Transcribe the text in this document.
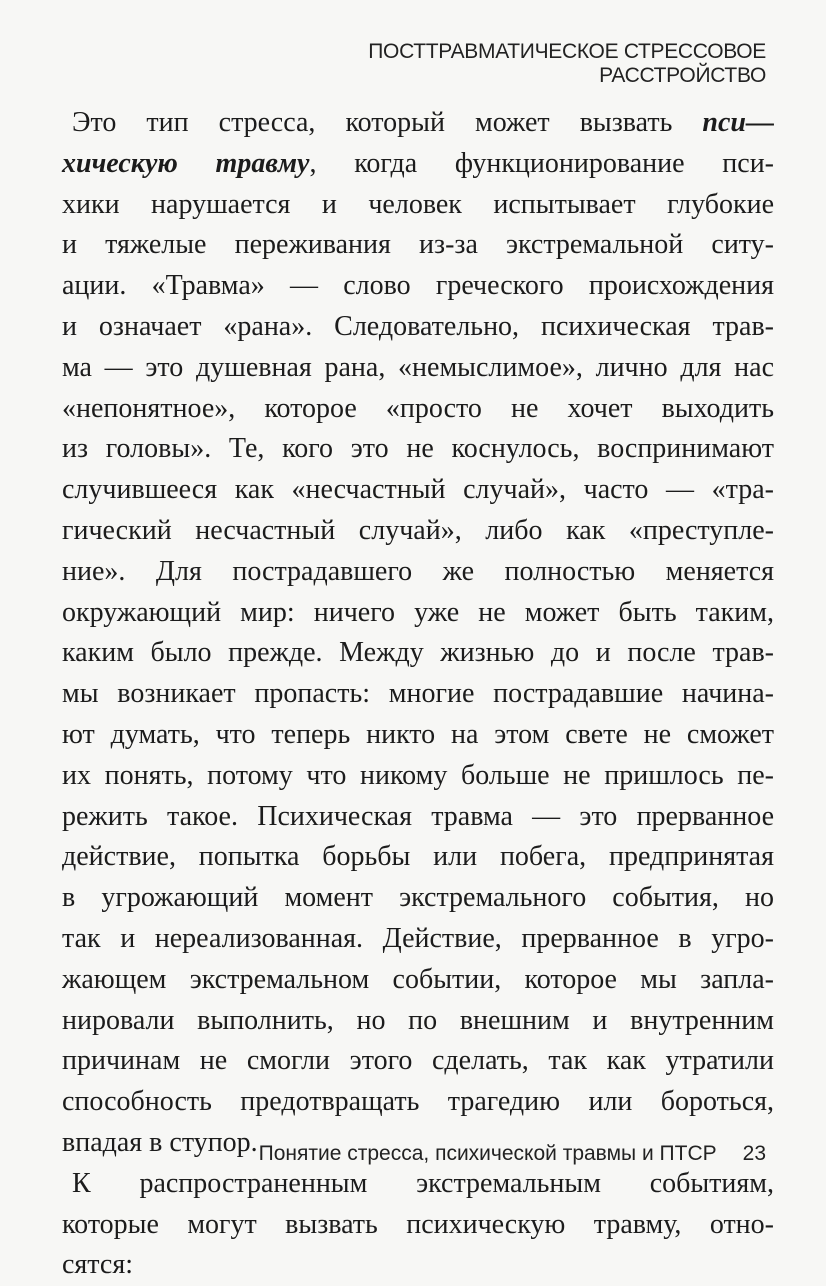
ПОСТТРАВМАТИЧЕСКОЕ СТРЕССОВОЕ РАССТРОЙСТВО
Это тип стресса, который может вызвать пси—
хическую травму, когда функционирование пси-
хики нарушается и человек испытывает глубокие
и тяжелые переживания из-за экстремальной ситу-
ации. «Травма» — слово греческого происхождения
и означает «рана». Следовательно, психическая трав-
ма — это душевная рана, «немыслимое», лично для нас
«непонятное», которое «просто не хочет выходить
из головы». Те, кого это не коснулось, воспринимают
случившееся как «несчастный случай», часто — «тра-
гический несчастный случай», либо как «преступле-
ние». Для пострадавшего же полностью меняется
окружающий мир: ничего уже не может быть таким,
каким было прежде. Между жизнью до и после трав-
мы возникает пропасть: многие пострадавшие начина-
ют думать, что теперь никто на этом свете не сможет
их понять, потому что никому больше не пришлось пе-
режить такое. Психическая травма — это прерванное
действие, попытка борьбы или побега, предпринятая
в угрожающий момент экстремального события, но
так и нереализованная. Действие, прерванное в угро-
жающем экстремальном событии, которое мы запла-
нировали выполнить, но по внешним и внутренним
причинам не смогли этого сделать, так как утратили
способность предотвращать трагедию или бороться,
впадая в ступор.
К распространенным экстремальным событиям,
которые могут вызвать психическую травму, отно-
сятся:
Понятие стресса, психической травмы и ПТСР 23
